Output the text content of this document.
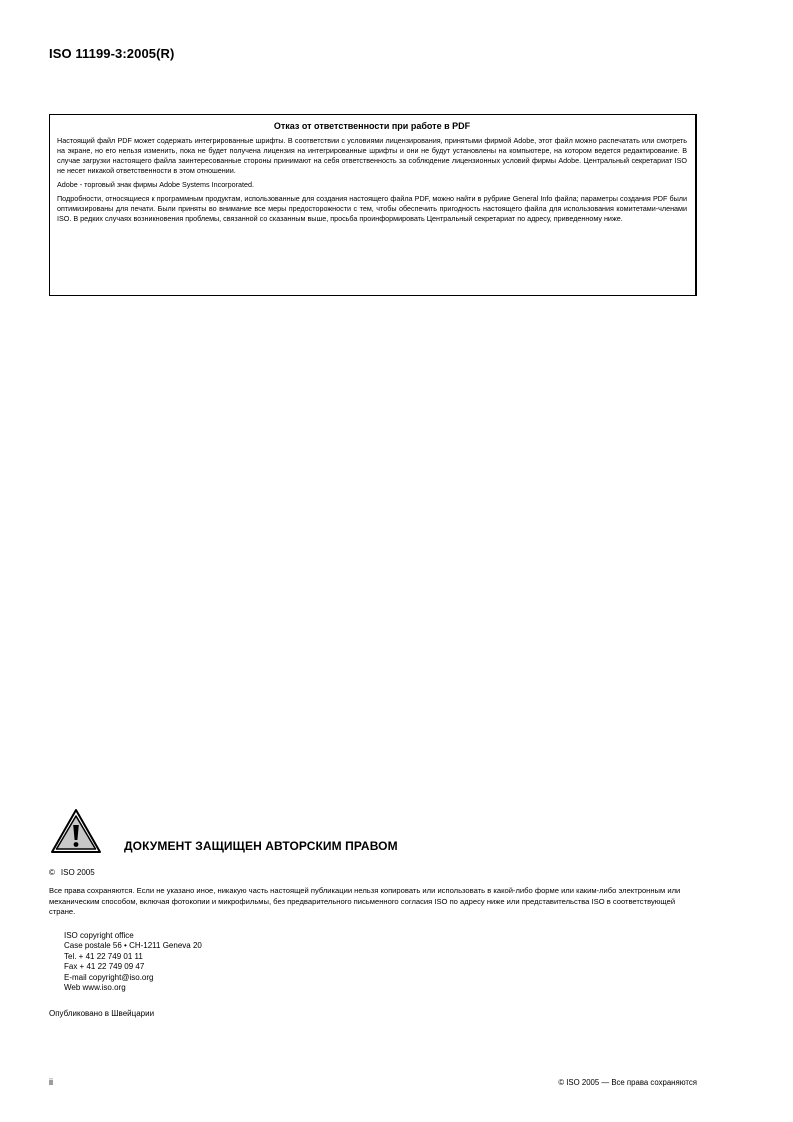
ISO 11199-3:2005(R)
Отказ от ответственности при работе в PDF

Настоящий файл PDF может содержать интегрированные шрифты. В соответствии с условиями лицензирования, принятыми фирмой Adobe, этот файл можно распечатать или смотреть на экране, но его нельзя изменить, пока не будет получена лицензия на интегрированные шрифты и они не будут установлены на компьютере, на котором ведется редактирование. В случае загрузки настоящего файла заинтересованные стороны принимают на себя ответственность за соблюдение лицензионных условий фирмы Adobe. Центральный секретариат ISO не несет никакой ответственности в этом отношении.

Adobe - торговый знак фирмы Adobe Systems Incorporated.

Подробности, относящиеся к программным продуктам, использованные для создания настоящего файла PDF, можно найти в рубрике General Info файла; параметры создания PDF были оптимизированы для печати. Были приняты во внимание все меры предосторожности с тем, чтобы обеспечить пригодность настоящего файла для использования комитетами-членами ISO. В редких случаях возникновения проблемы, связанной со сказанным выше, просьба проинформировать Центральный секретариат по адресу, приведенному ниже.

ДОКУМЕНТ ЗАЩИЩЕН АВТОРСКИМ ПРАВОМ
© ISO 2005

Все права сохраняются. Если не указано иное, никакую часть настоящей публикации нельзя копировать или использовать в какой-либо форме или каким-либо электронным или механическим способом, включая фотокопии и микрофильмы, без предварительного письменного согласия ISO по адресу ниже или представительства ISO в соответствующей стране.

ISO copyright office
Case postale 56 • CH-1211 Geneva 20
Tel. + 41 22 749 01 11
Fax + 41 22 749 09 47
E-mail copyright@iso.org
Web www.iso.org
Опубликовано в Швейцарии
ii	© ISO 2005 — Все права сохраняются
